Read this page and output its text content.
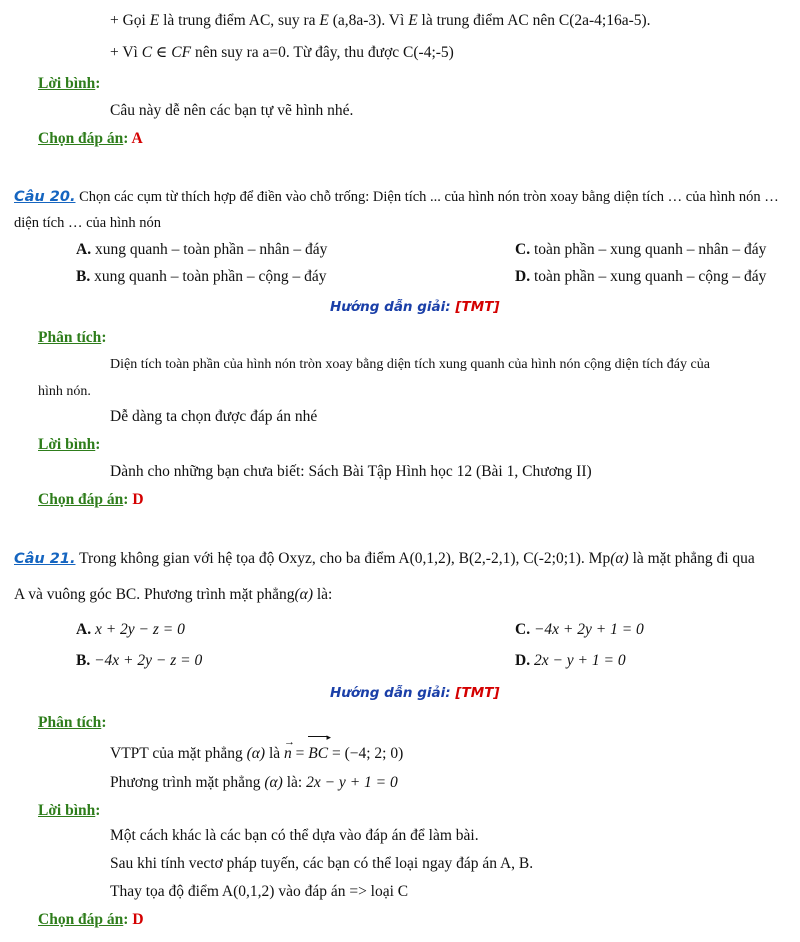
+ Gọi E là trung điểm AC, suy ra E (a,8a-3). Vì E là trung điểm AC nên C(2a-4;16a-5).
+ Vì C ∈ CF nên suy ra a=0. Từ đây, thu được C(-4;-5)
Lời bình:
Câu này dễ nên các bạn tự vẽ hình nhé.
Chọn đáp án: A
Câu 20. Chọn các cụm từ thích hợp để điền vào chỗ trống: Diện tích ... của hình nón tròn xoay bằng diện tích … của hình nón …
diện tích … của hình nón
A. xung quanh – toàn phần – nhân – đáy	C. toàn phần – xung quanh – nhân – đáy
B. xung quanh – toàn phần – cộng – đáy	D. toàn phần – xung quanh – cộng – đáy
Hướng dẫn giải: [TMT]
Phân tích:
Diện tích toàn phần của hình nón tròn xoay bằng diện tích xung quanh của hình nón cộng diện tích đáy của
hình nón.
Dễ dàng ta chọn được đáp án nhé
Lời bình:
Dành cho những bạn chưa biết: Sách Bài Tập Hình học 12 (Bài 1, Chương II)
Chọn đáp án: D
Câu 21. Trong không gian với hệ tọa độ Oxyz, cho ba điểm A(0,1,2), B(2,-2,1), C(-2;0;1). Mp(α) là mặt phẳng đi qua
A và vuông góc BC. Phương trình mặt phẳng(α) là:
A. x + 2y − z = 0	C. −4x + 2y + 1 = 0
B. −4x + 2y − z = 0	D. 2x − y + 1 = 0
Hướng dẫn giải: [TMT]
Phân tích:
VTPT của mặt phẳng (α) là
→
n =
▸
BC = (−4; 2; 0)
Phương trình mặt phẳng (α) là: 2x − y + 1 = 0
Lời bình:
Một cách khác là các bạn có thể dựa vào đáp án để làm bài.
Sau khi tính vectơ pháp tuyến, các bạn có thể loại ngay đáp án A, B.
Thay tọa độ điểm A(0,1,2) vào đáp án => loại C
Chọn đáp án: D
